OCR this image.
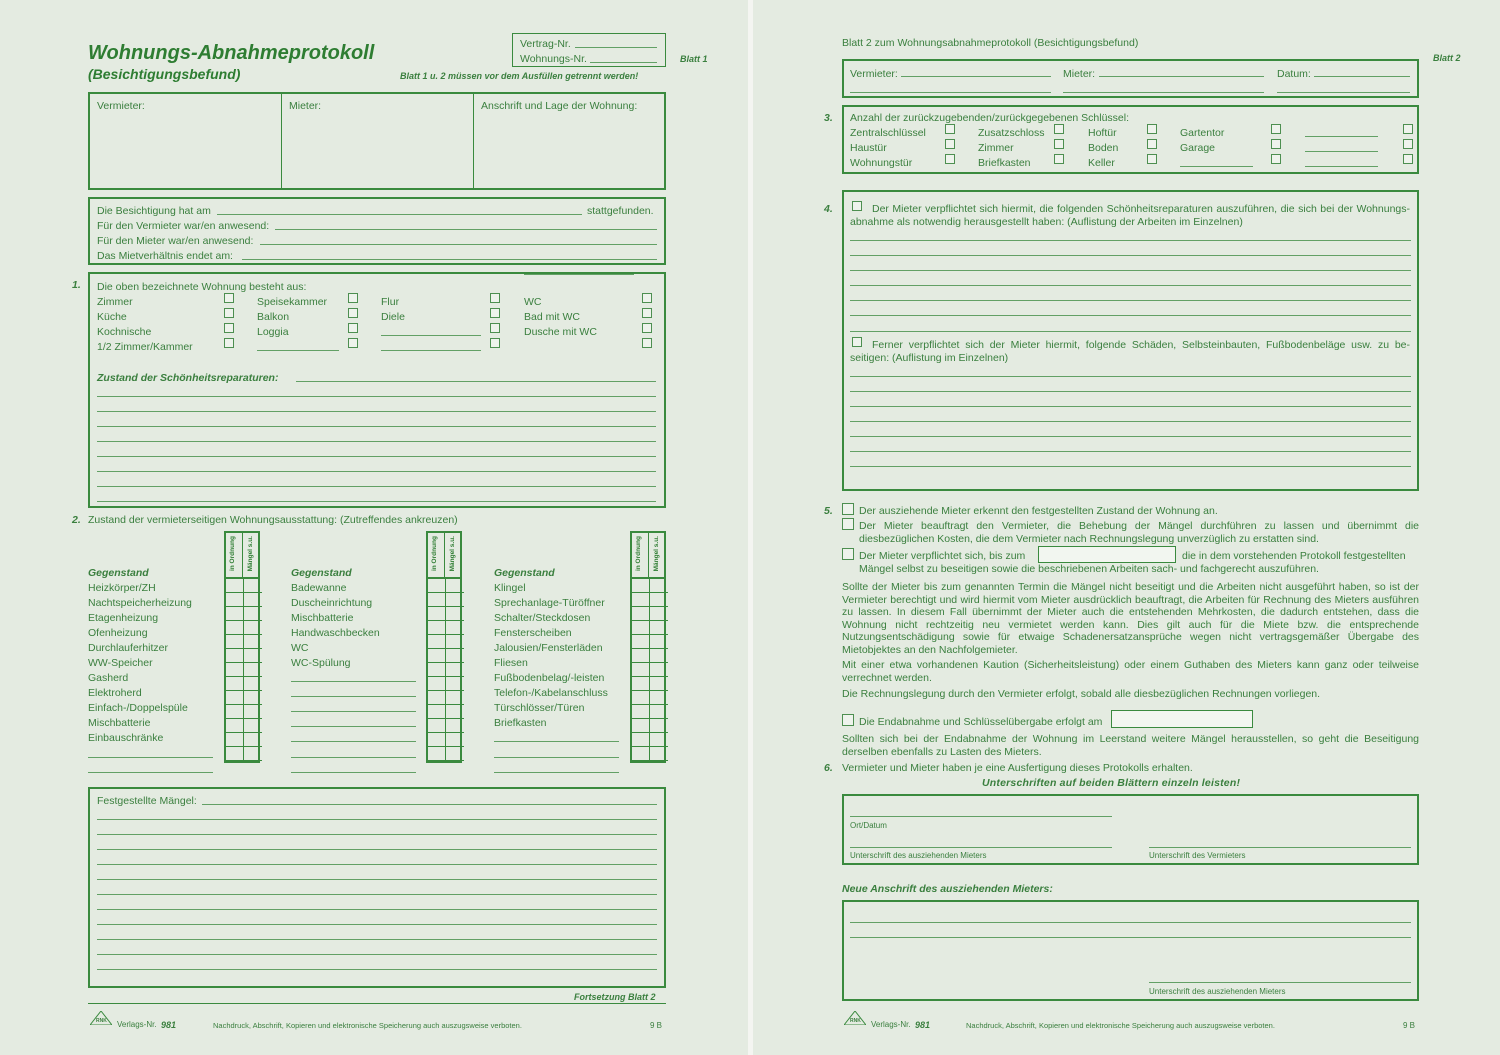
Wohnungs-Abnahmeprotokoll
(Besichtigungsbefund)
Vertrag-Nr.
Wohnungs-Nr.	Blatt 1
Blatt 1 u. 2 müssen vor dem Ausfüllen getrennt werden!
Vermieter:	Mieter:	Anschrift und Lage der Wohnung:
Die Besichtigung hat am	stattgefunden.
Für den Vermieter war/en anwesend:
Für den Mieter war/en anwesend:
Das Mietverhältnis endet am:
1. Die oben bezeichnete Wohnung besteht aus:
Zimmer
Küche
Kochnische
1/2 Zimmer/Kammer
Speisekammer
Balkon
Loggia
Flur
Diele
WC
Bad mit WC
Dusche mit WC
Zustand der Schönheitsreparaturen:
2. Zustand der vermieterseitigen Wohnungsausstattung: (Zutreffendes ankreuzen)
Gegenstand
Heizkörper/ZH
Nachtspeicherheizung
Etagenheizung
Ofenheizung
Durchlauferhitzer
WW-Speicher
Gasherd
Elektroherd
Einfach-/Doppelspüle
Mischbatterie
Einbauschränke
in Ordnung Mängel s.u.
Gegenstand
Badewanne
Duscheinrichtung
Mischbatterie
Handwaschbecken
WC
WC-Spülung
in Ordnung Mängel s.u.
Gegenstand
Klingel
Sprechanlage-Türöffner
Schalter/Steckdosen
Fensterscheiben
Jalousien/Fensterläden
Fliesen
Fußbodenbelag/-leisten
Telefon-/Kabelanschluss
Türschlösser/Türen
Briefkasten
in Ordnung Mängel s.u.
Festgestellte Mängel:
Fortsetzung Blatt 2
RNK Verlags-Nr. 981	Nachdruck, Abschrift, Kopieren und elektronische Speicherung auch auszugsweise verboten.	9 B
Blatt 2 zum Wohnungsabnahmeprotokoll (Besichtigungsbefund)
Blatt 2
Vermieter:	Mieter:	Datum:
3. Anzahl der zurückzugebenden/zurückgegebenen Schlüssel:
Zentralschlüssel
Haustür
Wohnungstür
Zusatzschloss
Zimmer
Briefkasten
Hoftür
Boden
Keller
Gartentor
Garage
4.	Der Mieter verpflichtet sich hiermit, die folgenden Schönheitsreparaturen auszuführen, die sich bei der Wohnungs-abnahme als notwendig herausgestellt haben: (Auflistung der Arbeiten im Einzelnen)
Ferner verpflichtet sich der Mieter hiermit, folgende Schäden, Selbsteinbauten, Fußbodenbeläge usw. zu be-seitigen: (Auflistung im Einzelnen)
5. Der ausziehende Mieter erkennt den festgestellten Zustand der Wohnung an.
Der Mieter beauftragt den Vermieter, die Behebung der Mängel durchführen zu lassen und übernimmt die diesbezüglichen Kosten, die dem Vermieter nach Rechnungslegung unverzüglich zu erstatten sind.
Der Mieter verpflichtet sich, bis zum	die in dem vorstehenden Protokoll festgestellten
Mängel selbst zu beseitigen sowie die beschriebenen Arbeiten sach- und fachgerecht auszuführen.
Sollte der Mieter bis zum genannten Termin die Mängel nicht beseitigt und die Arbeiten nicht ausgeführt haben, so ist der Vermieter berechtigt und wird hiermit vom Mieter ausdrücklich beauftragt, die Arbeiten für Rechnung des Mieters ausführen zu lassen. In diesem Fall übernimmt der Mieter auch die entstehenden Mehrkosten, die dadurch entstehen, dass die Wohnung nicht rechtzeitig neu vermietet werden kann. Dies gilt auch für die Miete bzw. die entsprechende Nutzungsentschädigung sowie für etwaige Schadenersatzansprüche wegen nicht vertragsgemäßer Übergabe des Mietobjektes an den Nachfolgemieter.
Mit einer etwa vorhandenen Kaution (Sicherheitsleistung) oder einem Guthaben des Mieters kann ganz oder teilweise verrechnet werden.
Die Rechnungslegung durch den Vermieter erfolgt, sobald alle diesbezüglichen Rechnungen vorliegen.
Die Endabnahme und Schlüsselübergabe erfolgt am
Sollten sich bei der Endabnahme der Wohnung im Leerstand weitere Mängel herausstellen, so geht die Beseitigung derselben ebenfalls zu Lasten des Mieters.
6. Vermieter und Mieter haben je eine Ausfertigung dieses Protokolls erhalten.
Unterschriften auf beiden Blättern einzeln leisten!
Ort/Datum
Unterschrift des ausziehenden Mieters	Unterschrift des Vermieters
Neue Anschrift des ausziehenden Mieters:
Unterschrift des ausziehenden Mieters
RNK Verlags-Nr. 981	Nachdruck, Abschrift, Kopieren und elektronische Speicherung auch auszugsweise verboten.	9 B
